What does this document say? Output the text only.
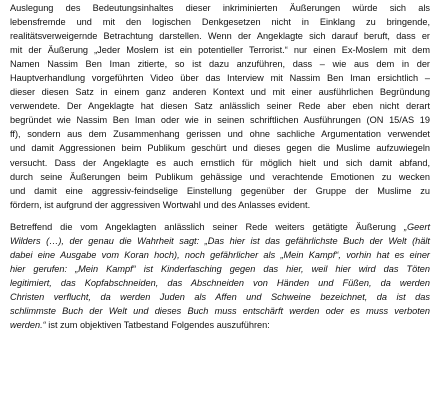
Auslegung des Bedeutungsinhaltes dieser inkriminierten Äußerungen würde sich als
lebensfremde und mit den logischen Denkgesetzen nicht in Einklang zu bringende,
realitätsverweigernde Betrachtung darstellen. Wenn der Angeklagte sich darauf beruft, dass er
mit der Äußerung „Jeder Moslem ist ein potentieller Terrorist.“ nur einen Ex-Moslem mit dem
Namen Nassim Ben Iman zitierte, so ist dazu anzuführen, dass – wie aus dem in der
Hauptverhandlung vorgeführten Video über das Interview mit Nassim Ben Iman ersichtlich –
dieser diesen Satz in einem ganz anderen Kontext und mit einer ausführlichen Begründung
verwendete. Der Angeklagte hat diesen Satz anlässlich seiner Rede aber eben nicht derart
begründet wie Nassim Ben Iman oder wie in seinen schriftlichen Ausführungen (ON 15/AS 19
ff), sondern aus dem Zusammenhang gerissen und ohne sachliche Argumentation verwendet
und damit Aggressionen beim Publikum geschürt und dieses gegen die Muslime aufzuwiegeln
versucht. Dass der Angeklagte es auch ernstlich für möglich hielt und sich damit abfand,
durch seine Äußerungen beim Publikum gehässige und verachtende Emotionen zu wecken
und damit eine aggressiv-feindselige Einstellung gegenüber der Gruppe der Muslime zu
fördern, ist aufgrund der aggressiven Wortwahl und des Anlasses evident.

Betreffend die vom Angeklagten anlässlich seiner Rede weiters getätigte Äußerung „Geert
Wilders (…), der genau die Wahrheit sagt: „Das hier ist das gefährlichste Buch der Welt (hält
dabei eine Ausgabe vom Koran hoch), noch gefährlicher als „Mein Kampf“, vorhin hat es einer
hier gerufen: „Mein Kampf“ ist Kinderfasching gegen das hier, weil hier wird das Töten
legitimiert, das Kopfabschneiden, das Abschneiden von Händen und Füßen, da werden
Christen verflucht, da werden Juden als Affen und Schweine bezeichnet, da ist das
schlimmste Buch der Welt und dieses Buch muss entschärft werden oder es muss verboten
werden.“ ist zum objektiven Tatbestand Folgendes auszuführen:
